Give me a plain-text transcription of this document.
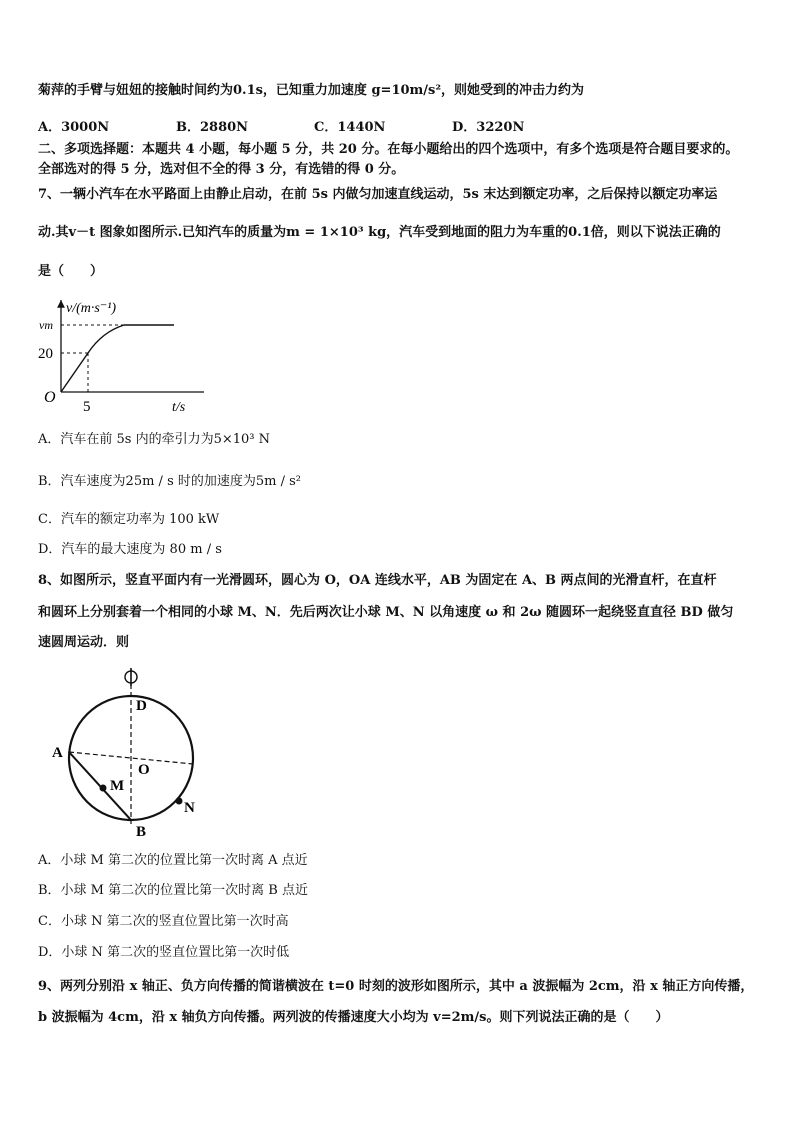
菊萍的手臂与妞妞的接触时间约为0.1s，已知重力加速度 g=10m/s²，则她受到的冲击力约为
A．3000N	B．2880N	C．1440N	D．3220N
二、多项选择题：本题共 4 小题，每小题 5 分，共 20 分。在每小题给出的四个选项中，有多个选项是符合题目要求的。
全部选对的得 5 分，选对但不全的得 3 分，有选错的得 0 分。
7、一辆小汽车在水平路面上由静止启动，在前 5s 内做匀加速直线运动，5s 末达到额定功率，之后保持以额定功率运
动.其v－t 图象如图所示.已知汽车的质量为m = 1×10³ kg，汽车受到地面的阻力为车重的0.1倍，则以下说法正确的
是（　　）
v/(m·s⁻¹)
vm
20
O
5	t/s
A．汽车在前 5s 内的牵引力为5×10³ N
B．汽车速度为25m / s 时的加速度为5m / s²
C．汽车的额定功率为 100 kW
D．汽车的最大速度为 80 m / s
8、如图所示，竖直平面内有一光滑圆环，圆心为 O，OA 连线水平，AB 为固定在 A、B 两点间的光滑直杆，在直杆
和圆环上分别套着一个相同的小球 M、N．先后两次让小球 M、N 以角速度 ω 和 2ω 随圆环一起绕竖直直径 BD 做匀
速圆周运动．则
D
A
O
M
N
B
A．小球 M 第二次的位置比第一次时离 A 点近
B．小球 M 第二次的位置比第一次时离 B 点近
C．小球 N 第二次的竖直位置比第一次时高
D．小球 N 第二次的竖直位置比第一次时低
9、两列分别沿 x 轴正、负方向传播的简谐横波在 t=0 时刻的波形如图所示，其中 a 波振幅为 2cm，沿 x 轴正方向传播，
b 波振幅为 4cm，沿 x 轴负方向传播。两列波的传播速度大小均为 v=2m/s。则下列说法正确的是（　　）
